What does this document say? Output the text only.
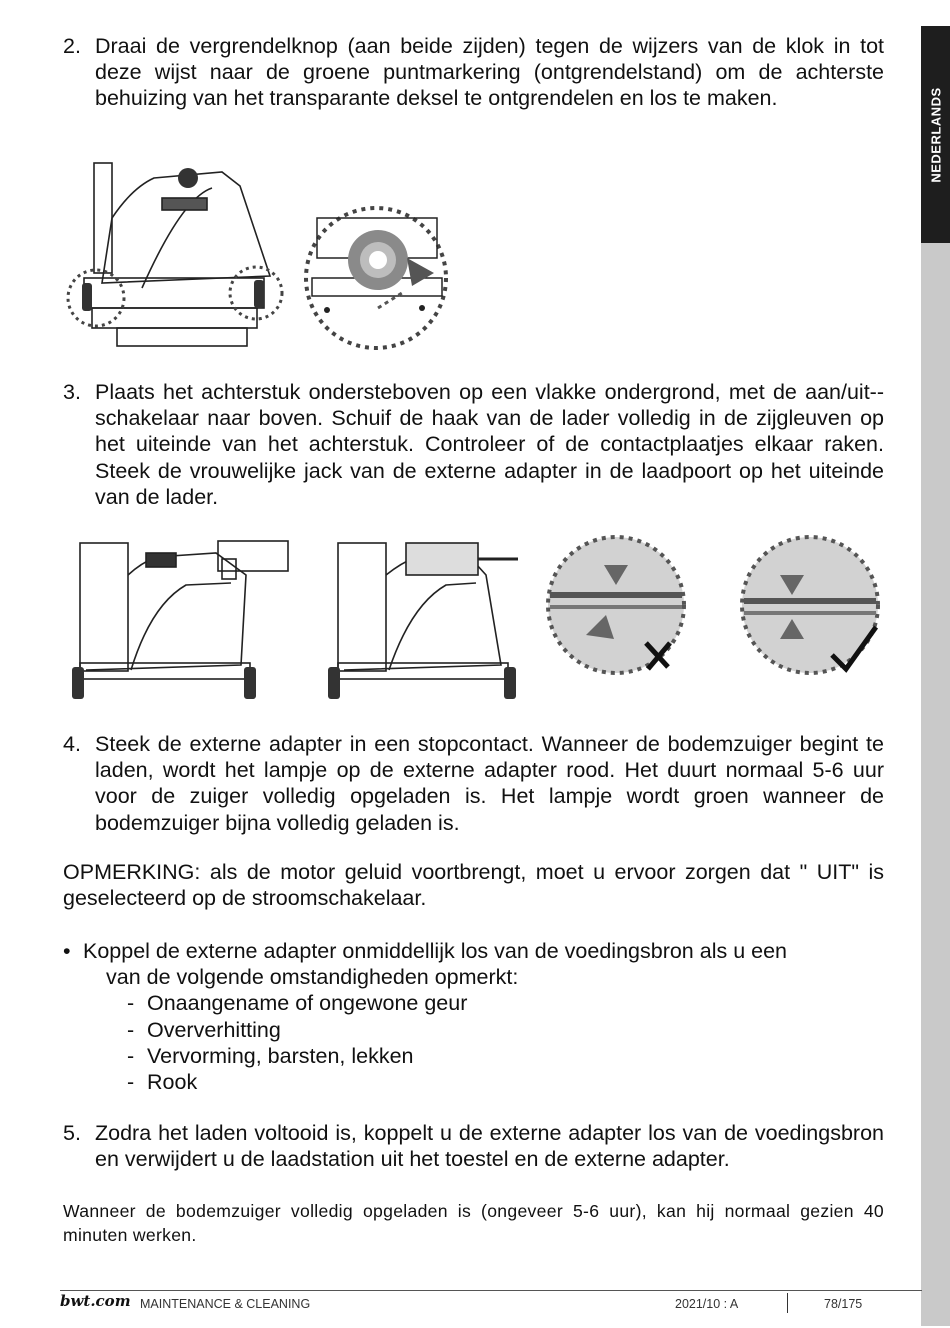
NEDERLANDS
2. Draai de vergrendelknop (aan beide zijden) tegen de wijzers van de klok in tot deze wijst naar de groene puntmarkering (ontgrendelstand) om de achterste behuizing van het transparante deksel te ontgrendelen en los te maken.
3. Plaats het achterstuk ondersteboven op een vlakke ondergrond, met de aan/uit--schakelaar naar boven. Schuif de haak van de lader volledig in de zijgleuven op het uiteinde van het achterstuk. Controleer of de contactplaatjes elkaar raken. Steek de vrouwelijke jack van de externe adapter in de laadpoort op het uiteinde van de lader.
4. Steek de externe adapter in een stopcontact. Wanneer de bodemzuiger begint te laden, wordt het lampje op de externe adapter rood. Het duurt normaal 5-6 uur voor de zuiger volledig opgeladen is. Het lampje wordt groen wanneer de bodemzuiger bijna volledig geladen is.
OPMERKING: als de motor geluid voortbrengt, moet u ervoor zorgen dat " UIT" is geselecteerd op de stroomschakelaar.
• Koppel de externe adapter onmiddellijk los van de voedingsbron als u een
van de volgende omstandigheden opmerkt:
- Onaangename of ongewone geur
- Oververhitting
- Vervorming, barsten, lekken
- Rook
5. Zodra het laden voltooid is, koppelt u de externe adapter los van de voedingsbron en verwijdert u de laadstation uit het toestel en de externe adapter.
Wanneer de bodemzuiger volledig opgeladen is (ongeveer 5-6 uur), kan hij normaal gezien 40 minuten werken.
bwt.com MAINTENANCE & CLEANING	2021/10 : A	78/175
